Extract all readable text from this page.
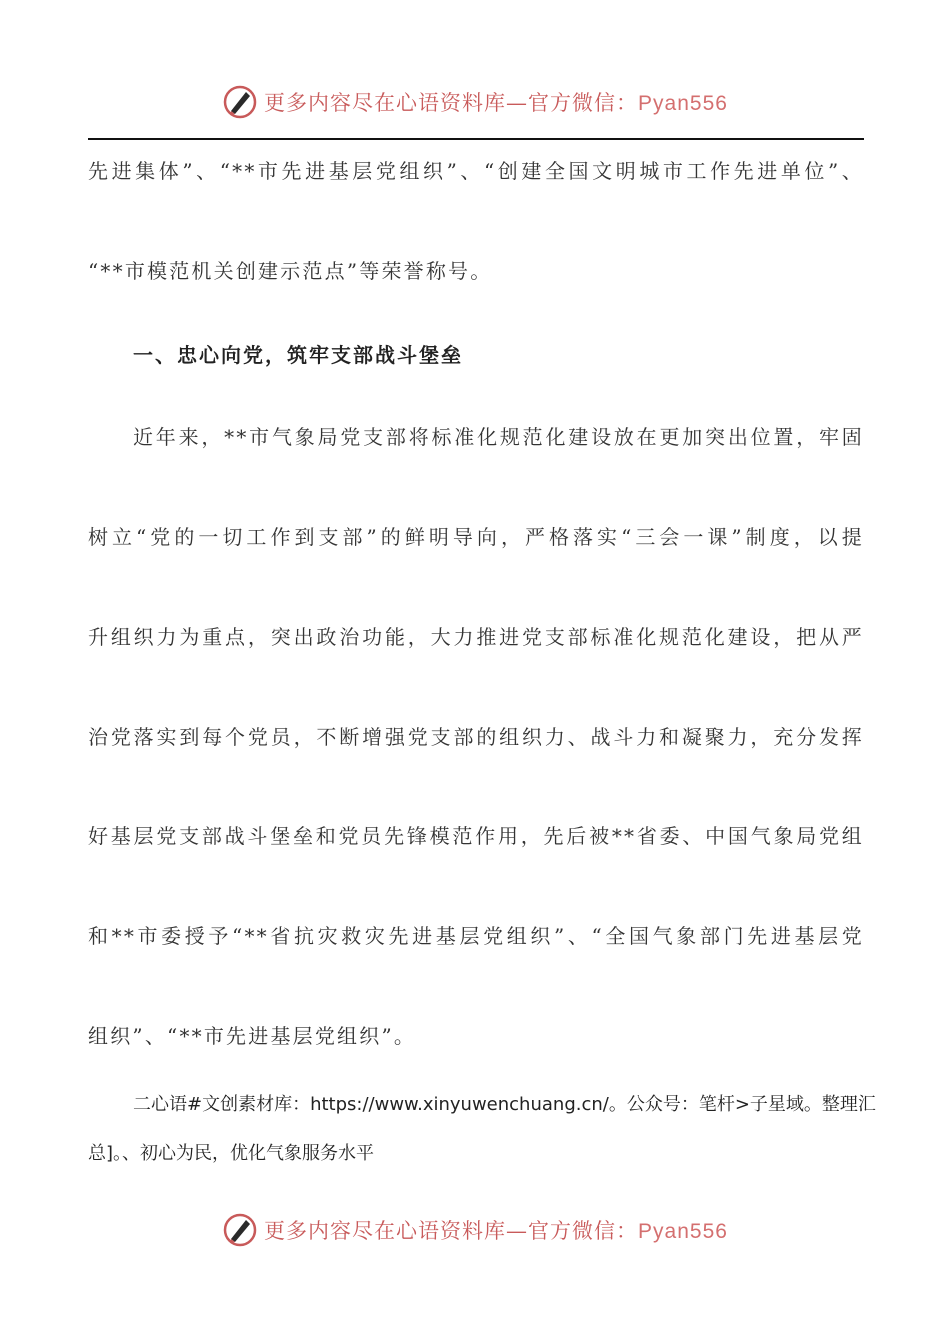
更多内容尽在心语资料库—官方微信：Pyan556
先进集体”、“**市先进基层党组织”、“创建全国文明城市工作先进单位”、
“**市模范机关创建示范点”等荣誉称号。
一、忠心向党，筑牢支部战斗堡垒
近年来，**市气象局党支部将标准化规范化建设放在更加突出位置，牢固
树立“党的一切工作到支部”的鲜明导向，严格落实“三会一课”制度，以提
升组织力为重点，突出政治功能，大力推进党支部标准化规范化建设，把从严
治党落实到每个党员，不断增强党支部的组织力、战斗力和凝聚力，充分发挥
好基层党支部战斗堡垒和党员先锋模范作用，先后被**省委、中国气象局党组
和**市委授予“**省抗灾救灾先进基层党组织”、“全国气象部门先进基层党
组织”、“**市先进基层党组织”。
二心语#文创素材库：https://www.xinyuwenchuang.cn/。公众号：笔杆>子星域。整理汇
总]。、初心为民，优化气象服务水平
更多内容尽在心语资料库—官方微信：Pyan556
